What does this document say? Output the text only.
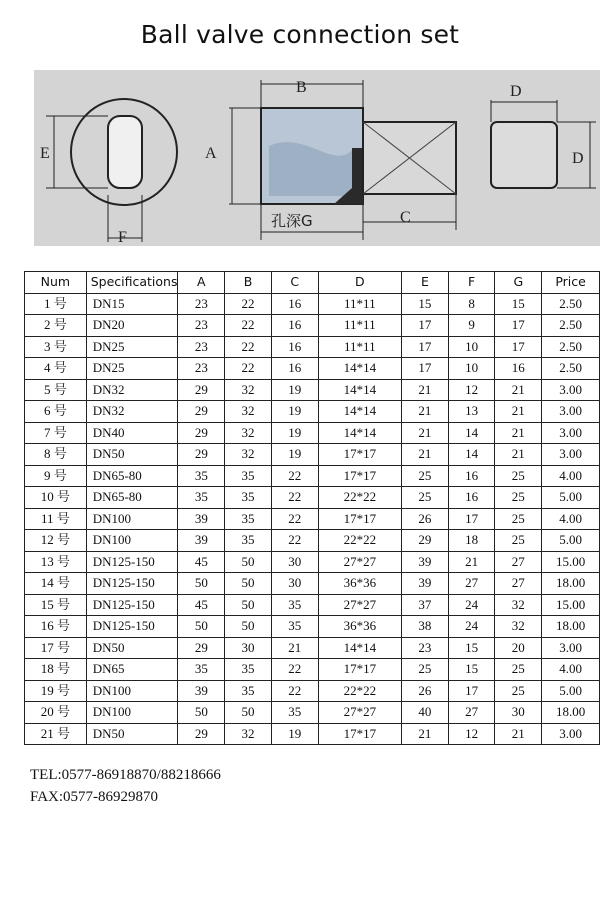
Ball valve connection set
E
F
A
B
C
孔深G
D
D
Num	Specifications	A	B	C	D	E	F	G	Price
1 号	DN15	23	22	16	11*11	15	8	15	2.50
2 号	DN20	23	22	16	11*11	17	9	17	2.50
3 号	DN25	23	22	16	11*11	17	10	17	2.50
4 号	DN25	23	22	16	14*14	17	10	16	2.50
5 号	DN32	29	32	19	14*14	21	12	21	3.00
6 号	DN32	29	32	19	14*14	21	13	21	3.00
7 号	DN40	29	32	19	14*14	21	14	21	3.00
8 号	DN50	29	32	19	17*17	21	14	21	3.00
9 号	DN65-80	35	35	22	17*17	25	16	25	4.00
10 号	DN65-80	35	35	22	22*22	25	16	25	5.00
11 号	DN100	39	35	22	17*17	26	17	25	4.00
12 号	DN100	39	35	22	22*22	29	18	25	5.00
13 号	DN125-150	45	50	30	27*27	39	21	27	15.00
14 号	DN125-150	50	50	30	36*36	39	27	27	18.00
15 号	DN125-150	45	50	35	27*27	37	24	32	15.00
16 号	DN125-150	50	50	35	36*36	38	24	32	18.00
17 号	DN50	29	30	21	14*14	23	15	20	3.00
18 号	DN65	35	35	22	17*17	25	15	25	4.00
19 号	DN100	39	35	22	22*22	26	17	25	5.00
20 号	DN100	50	50	35	27*27	40	27	30	18.00
21 号	DN50	29	32	19	17*17	21	12	21	3.00
TEL:0577-86918870/88218666
FAX:0577-86929870
